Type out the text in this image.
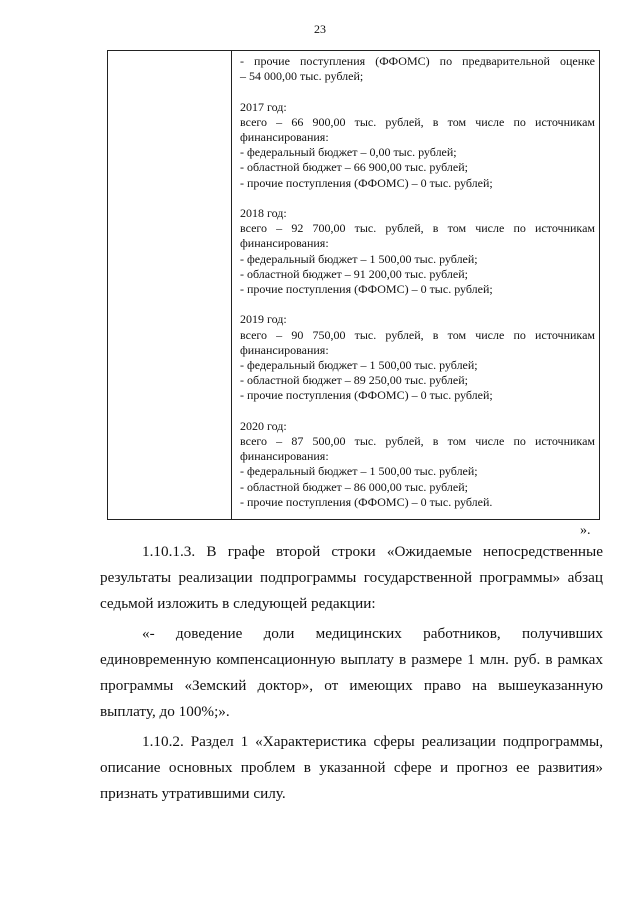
23
- прочие поступления (ФФОМС) по предварительной оценке
– 54 000,00 тыс. рублей;
2017 год:
всего – 66 900,00 тыс. рублей, в том числе по источникам
финансирования:
- федеральный бюджет – 0,00 тыс. рублей;
- областной бюджет – 66 900,00 тыс. рублей;
- прочие поступления (ФФОМС) – 0 тыс. рублей;
2018 год:
всего – 92 700,00 тыс. рублей, в том числе по источникам
финансирования:
- федеральный бюджет – 1 500,00 тыс. рублей;
- областной бюджет – 91 200,00 тыс. рублей;
- прочие поступления (ФФОМС) – 0 тыс. рублей;
2019 год:
всего – 90 750,00 тыс. рублей, в том числе по источникам
финансирования:
- федеральный бюджет – 1 500,00 тыс. рублей;
- областной бюджет – 89 250,00 тыс. рублей;
- прочие поступления (ФФОМС) – 0 тыс. рублей;
2020 год:
всего – 87 500,00 тыс. рублей, в том числе по источникам
финансирования:
- федеральный бюджет – 1 500,00 тыс. рублей;
- областной бюджет – 86 000,00 тыс. рублей;
- прочие поступления (ФФОМС) – 0 тыс. рублей.
».
1.10.1.3. В графе второй строки «Ожидаемые непосредственные
результаты реализации подпрограммы государственной программы» абзац
седьмой изложить в следующей редакции:
«- доведение доли медицинских работников, получивших
единовременную компенсационную выплату в размере 1 млн. руб. в рамках
программы «Земский доктор», от имеющих право на вышеуказанную
выплату, до 100%;».
1.10.2. Раздел 1 «Характеристика сферы реализации подпрограммы,
описание основных проблем в указанной сфере и прогноз ее развития»
признать утратившими силу.
